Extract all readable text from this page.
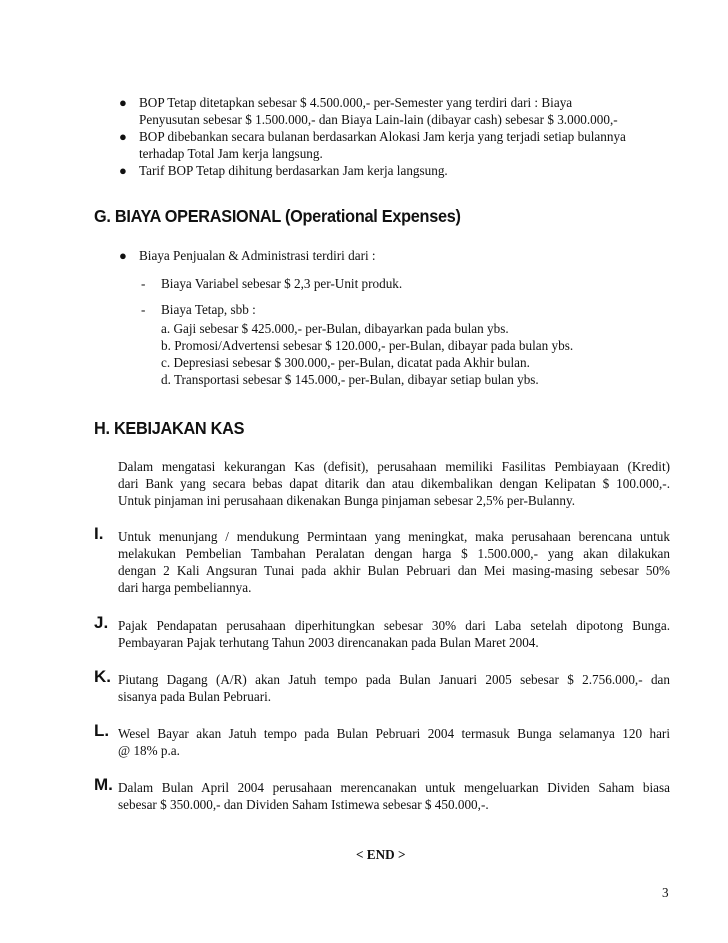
● BOP Tetap ditetapkan sebesar $ 4.500.000,- per-Semester yang terdiri dari : Biaya
Penyusutan sebesar $ 1.500.000,- dan Biaya Lain-lain (dibayar cash) sebesar $ 3.000.000,-
● BOP dibebankan secara bulanan berdasarkan Alokasi Jam kerja yang terjadi setiap bulannya
terhadap Total Jam kerja langsung.
● Tarif BOP Tetap dihitung berdasarkan Jam kerja langsung.
G. BIAYA OPERASIONAL (Operational Expenses)
● Biaya Penjualan & Administrasi terdiri dari :
- Biaya Variabel sebesar $ 2,3 per-Unit produk.
- Biaya Tetap, sbb :
a. Gaji sebesar $ 425.000,- per-Bulan, dibayarkan pada bulan ybs.
b. Promosi/Advertensi sebesar $ 120.000,- per-Bulan, dibayar pada bulan ybs.
c. Depresiasi sebesar $ 300.000,- per-Bulan, dicatat pada Akhir bulan.
d. Transportasi sebesar $ 145.000,- per-Bulan, dibayar setiap bulan ybs.
H. KEBIJAKAN KAS
Dalam mengatasi kekurangan Kas (defisit), perusahaan memiliki Fasilitas Pembiayaan (Kredit)
dari Bank yang secara bebas dapat ditarik dan atau dikembalikan dengan Kelipatan $ 100.000,-.
Untuk pinjaman ini perusahaan dikenakan Bunga pinjaman sebesar 2,5% per-Bulanny.
I. Untuk menunjang / mendukung Permintaan yang meningkat, maka perusahaan berencana untuk
melakukan Pembelian Tambahan Peralatan dengan harga $ 1.500.000,- yang akan dilakukan
dengan 2 Kali Angsuran Tunai pada akhir Bulan Pebruari dan Mei masing-masing sebesar 50%
dari harga pembeliannya.
J. Pajak Pendapatan perusahaan diperhitungkan sebesar 30% dari Laba setelah dipotong Bunga.
Pembayaran Pajak terhutang Tahun 2003 direncanakan pada Bulan Maret 2004.
K. Piutang Dagang (A/R) akan Jatuh tempo pada Bulan Januari 2005 sebesar $ 2.756.000,- dan
sisanya pada Bulan Pebruari.
L. Wesel Bayar akan Jatuh tempo pada Bulan Pebruari 2004 termasuk Bunga selamanya 120 hari
@ 18% p.a.
M. Dalam Bulan April 2004 perusahaan merencanakan untuk mengeluarkan Dividen Saham biasa
sebesar $ 350.000,- dan Dividen Saham Istimewa sebesar $ 450.000,-.
< END >
3
